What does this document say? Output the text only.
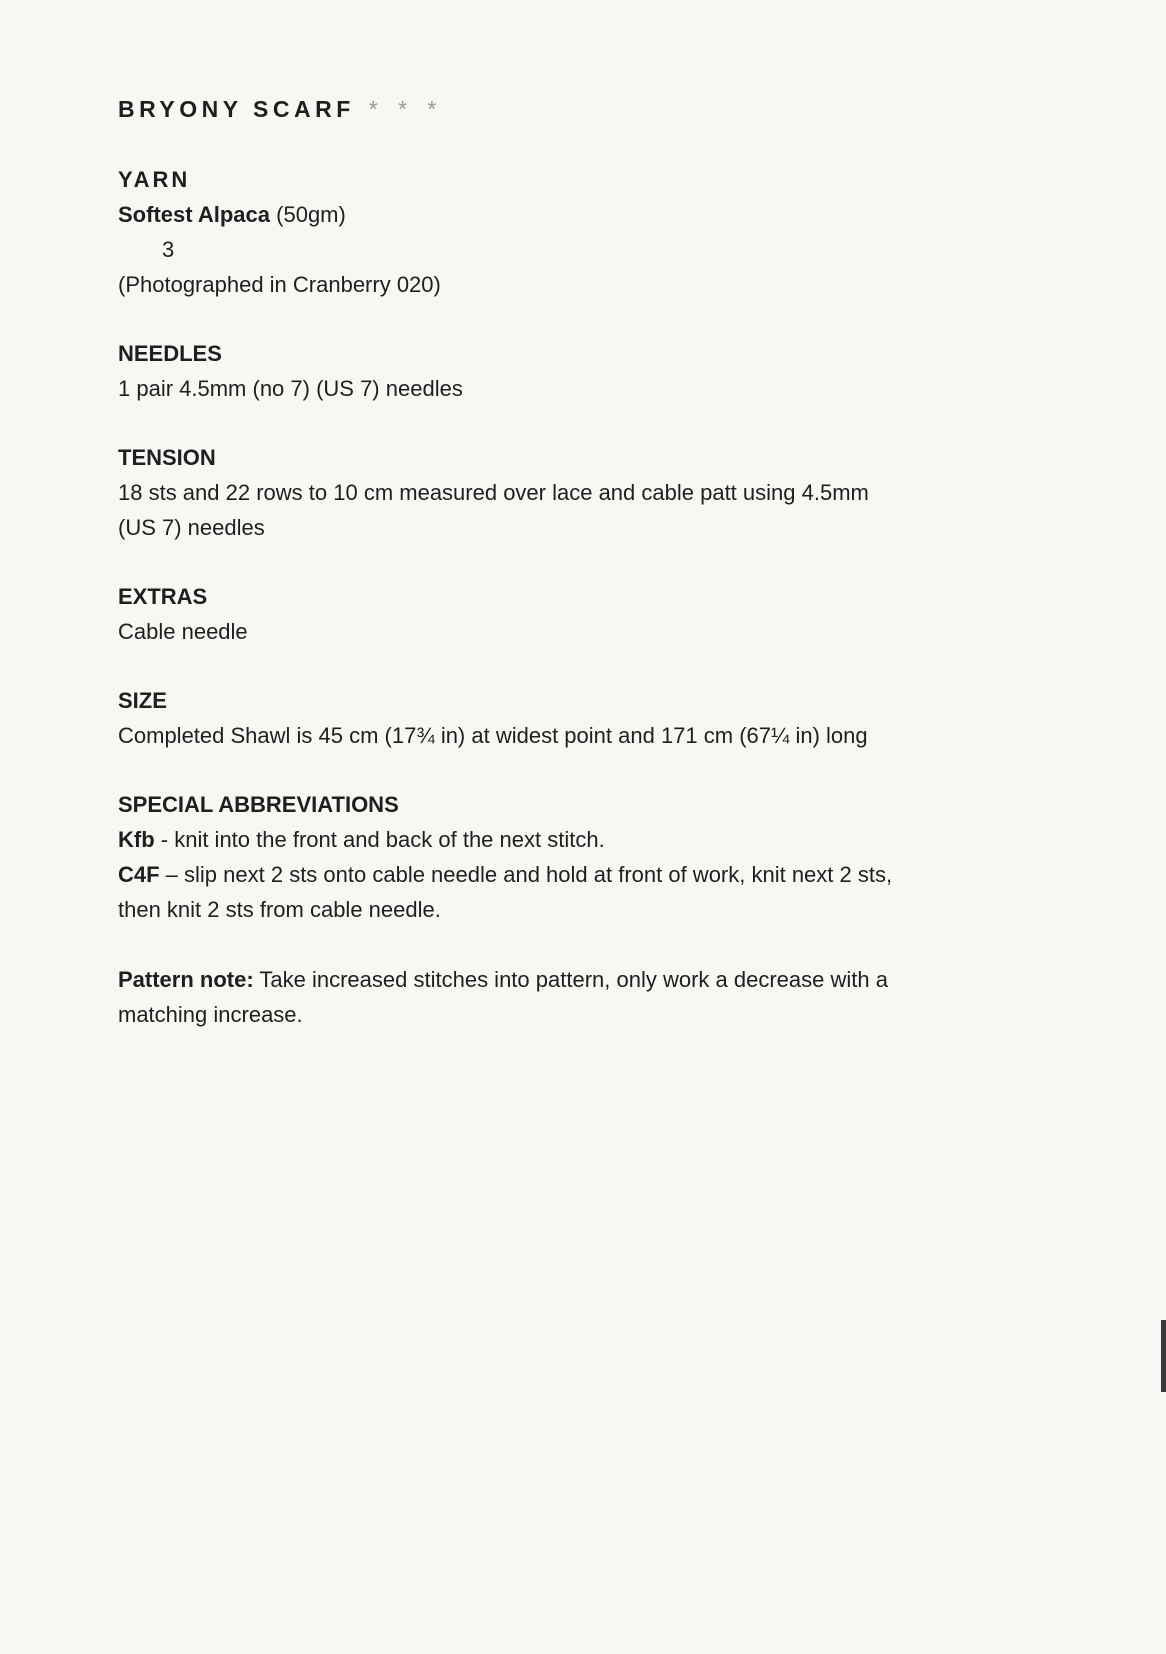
BRYONY SCARF * * *
YARN
Softest Alpaca (50gm)
3
(Photographed in Cranberry 020)
NEEDLES
1 pair 4.5mm (no 7) (US 7) needles
TENSION
18 sts and 22 rows to 10 cm measured over lace and cable patt using 4.5mm
(US 7) needles
EXTRAS
Cable needle
SIZE
Completed Shawl is 45 cm (17¾ in) at widest point and 171 cm (67¼ in) long
SPECIAL ABBREVIATIONS
Kfb - knit into the front and back of the next stitch.
C4F – slip next 2 sts onto cable needle and hold at front of work, knit next 2 sts,
then knit 2 sts from cable needle.
Pattern note: Take increased stitches into pattern, only work a decrease with a
matching increase.
